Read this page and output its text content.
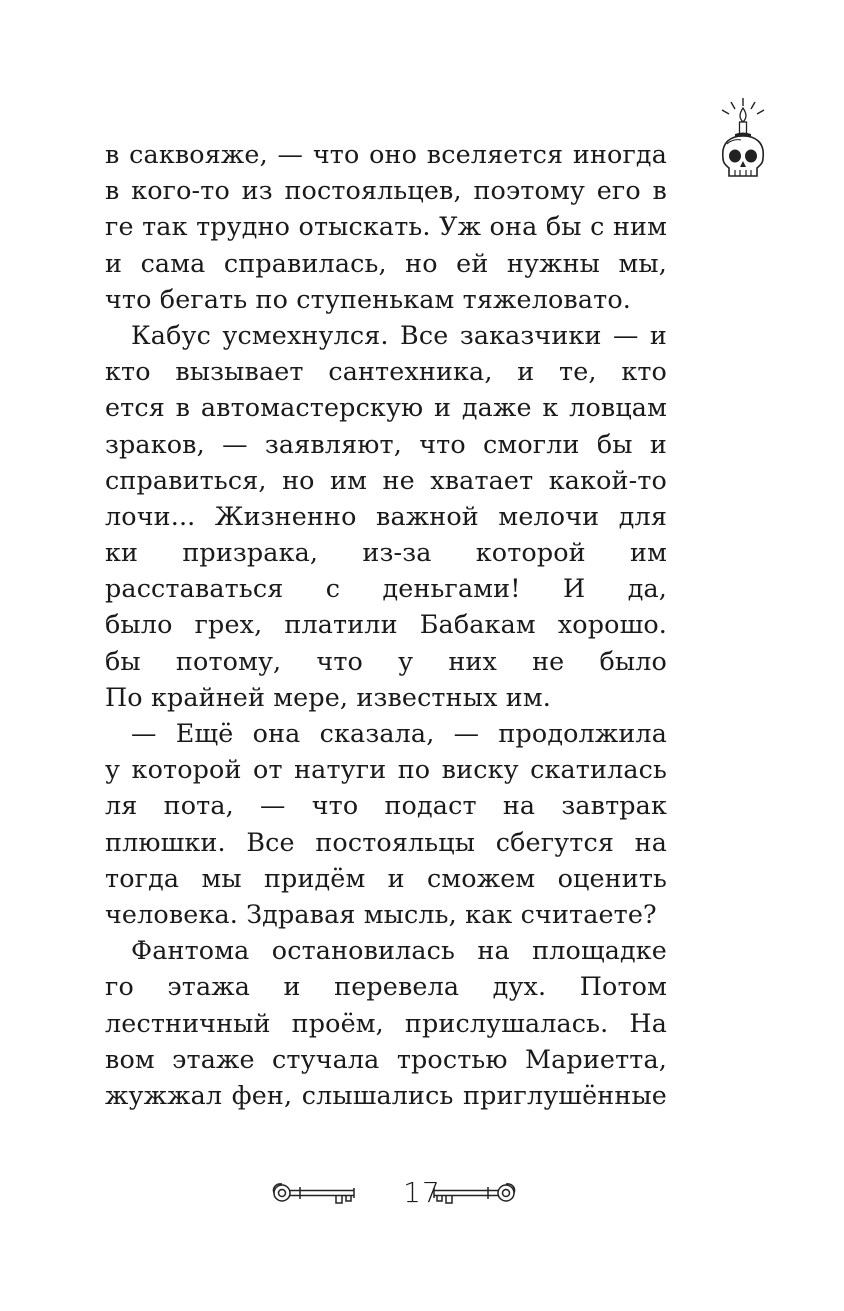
в саквояже, — что оно вселяется иногда
в кого-то из постояльцев, поэтому его в
ге так трудно отыскать. Уж она бы с ним
и сама справилась, но ей нужны мы,
что бегать по ступенькам тяжеловато.
Кабус усмехнулся. Все заказчики — и
кто вызывает сантехника, и те, кто
ется в автомастерскую и даже к ловцам
зраков, — заявляют, что смогли бы и
справиться, но им не хватает какой-то
лочи... Жизненно важной мелочи для
ки призрака, из-за которой им
расставаться с деньгами! И да,
было грех, платили Бабакам хорошо.
бы потому, что у них не было
По крайней мере, известных им.
— Ещё она сказала, — продолжила
у которой от натуги по виску скатилась
ля пота, — что подаст на завтрак
плюшки. Все постояльцы сбегутся на
тогда мы придём и сможем оценить
человека. Здравая мысль, как считаете?
Фантома остановилась на площадке
го этажа и перевела дух. Потом
лестничный проём, прислушалась. На
вом этаже стучала тростью Мариетта,
жужжал фен, слышались приглушённые
17
